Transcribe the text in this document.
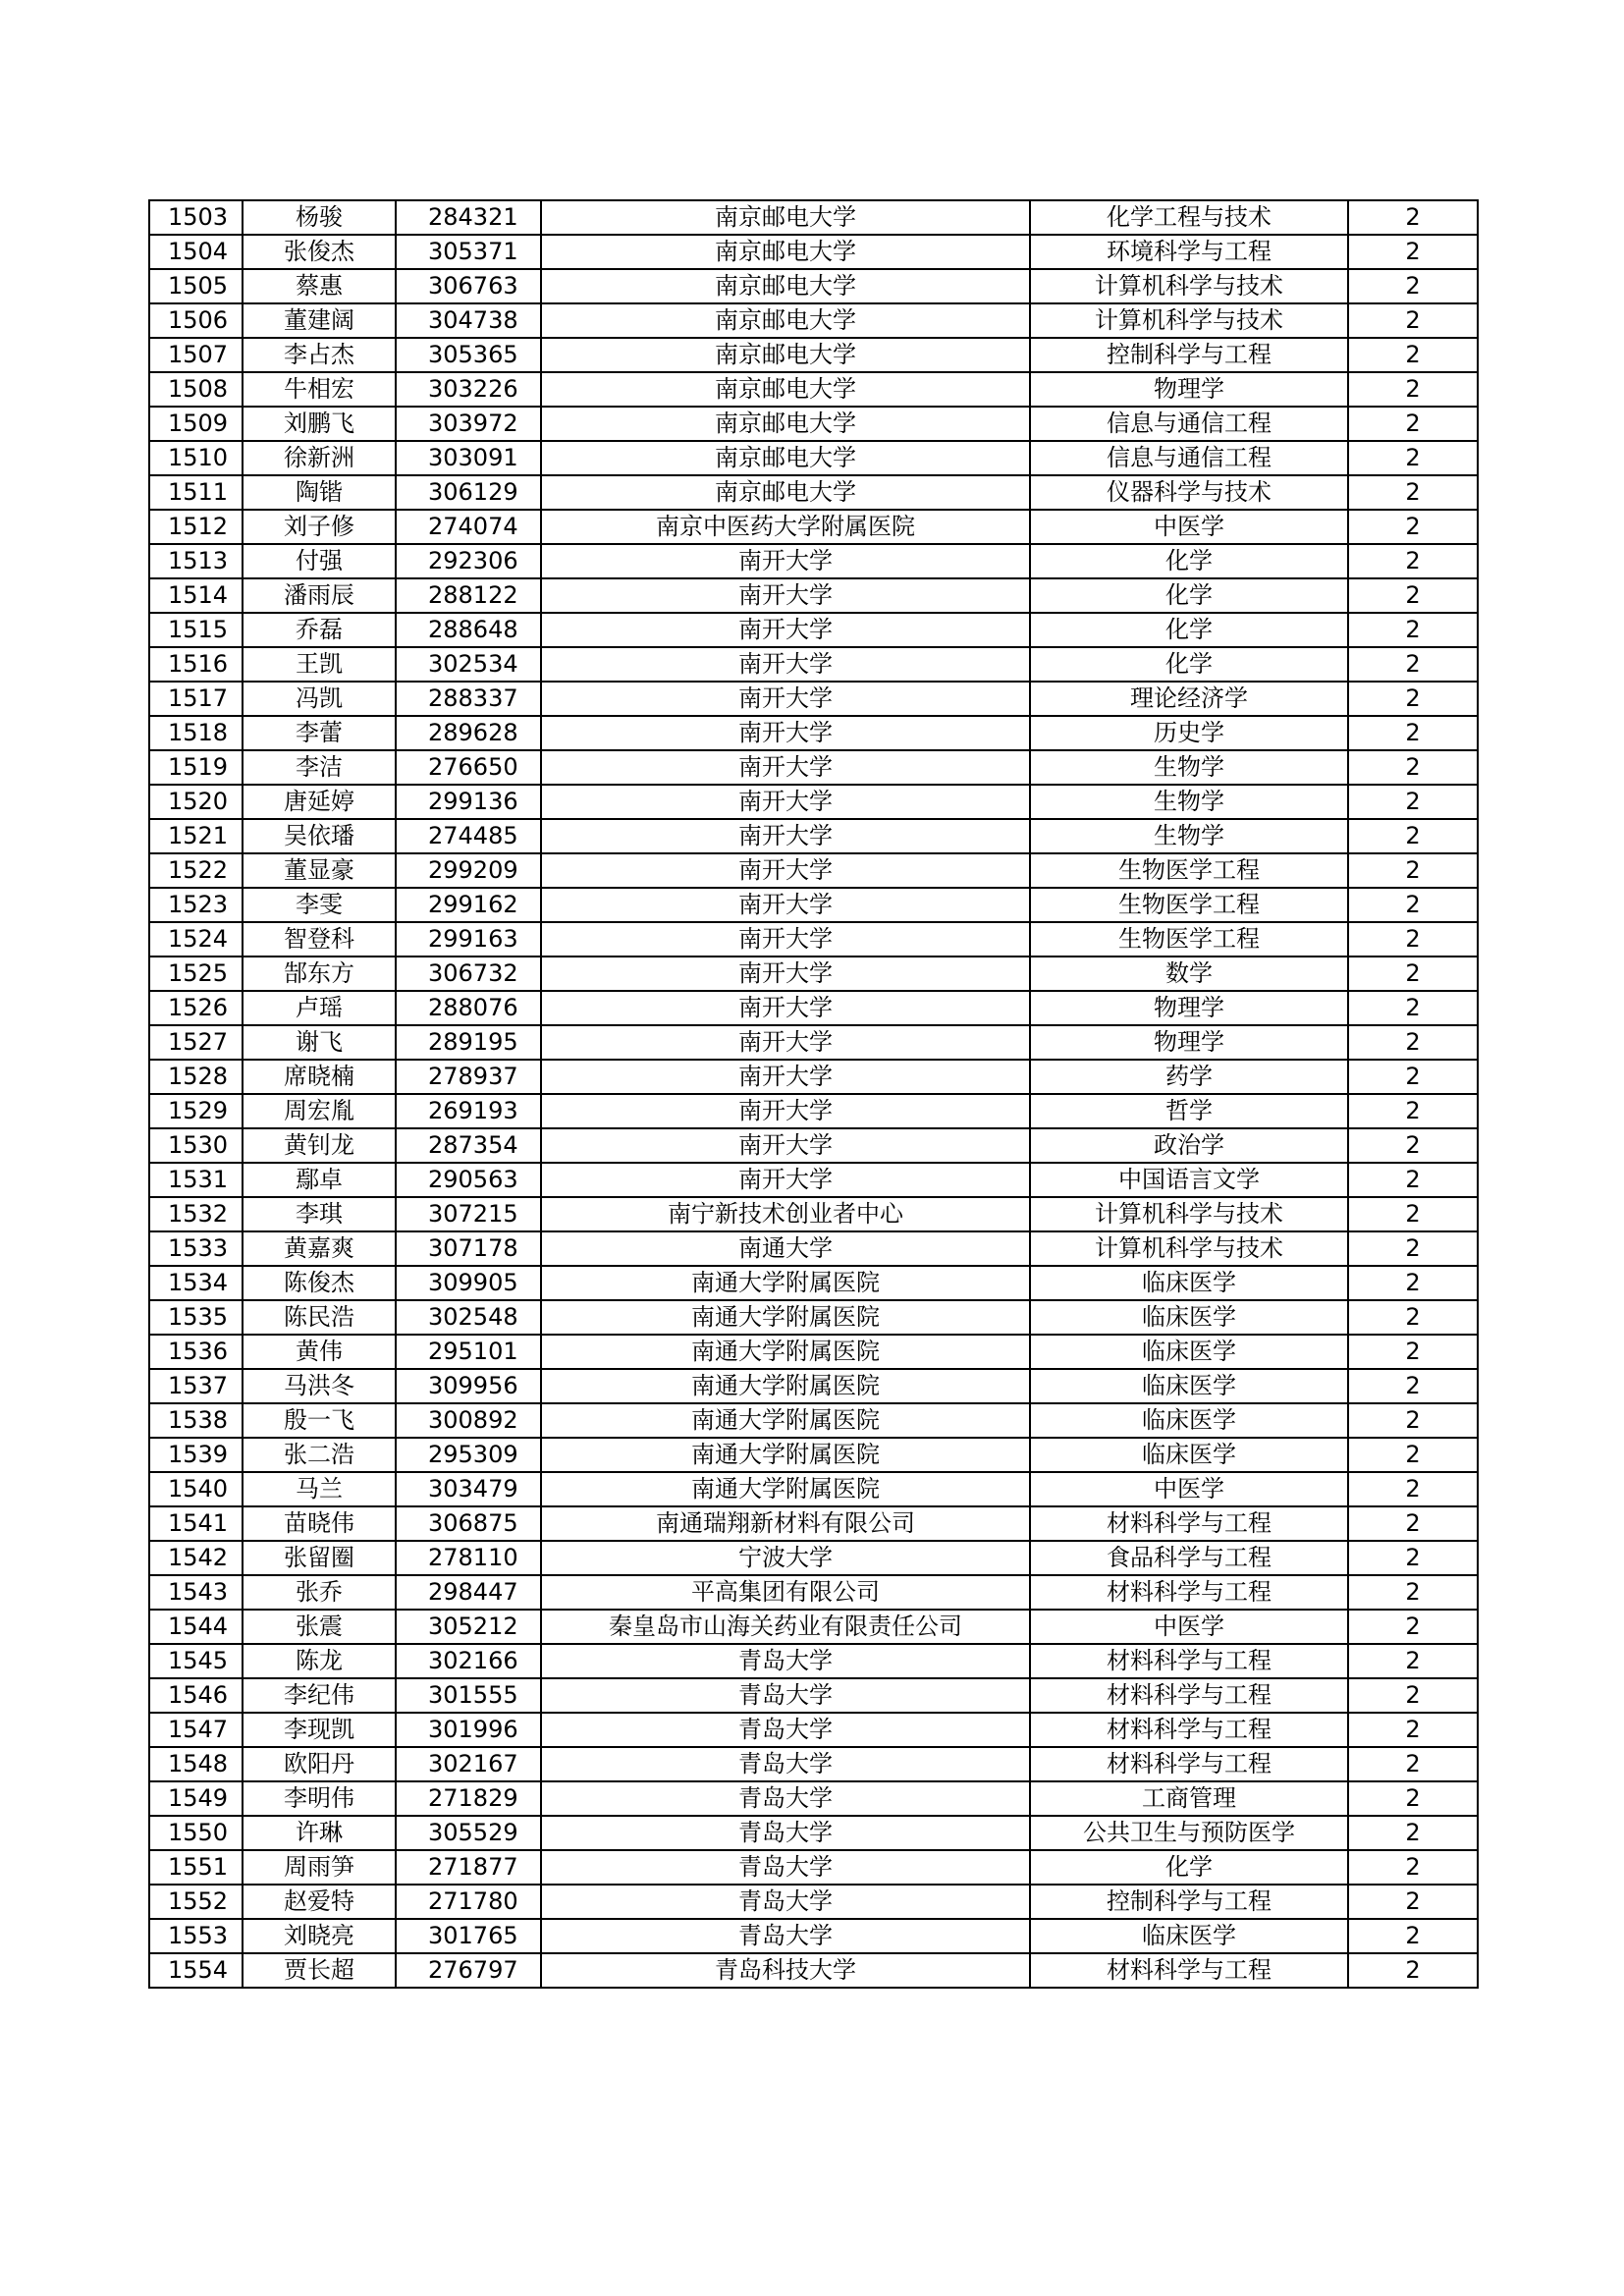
1503	杨骏	284321	南京邮电大学	化学工程与技术	2
1504	张俊杰	305371	南京邮电大学	环境科学与工程	2
1505	蔡惠	306763	南京邮电大学	计算机科学与技术	2
1506	董建阔	304738	南京邮电大学	计算机科学与技术	2
1507	李占杰	305365	南京邮电大学	控制科学与工程	2
1508	牛相宏	303226	南京邮电大学	物理学	2
1509	刘鹏飞	303972	南京邮电大学	信息与通信工程	2
1510	徐新洲	303091	南京邮电大学	信息与通信工程	2
1511	陶锴	306129	南京邮电大学	仪器科学与技术	2
1512	刘子修	274074	南京中医药大学附属医院	中医学	2
1513	付强	292306	南开大学	化学	2
1514	潘雨辰	288122	南开大学	化学	2
1515	乔磊	288648	南开大学	化学	2
1516	王凯	302534	南开大学	化学	2
1517	冯凯	288337	南开大学	理论经济学	2
1518	李蕾	289628	南开大学	历史学	2
1519	李洁	276650	南开大学	生物学	2
1520	唐延婷	299136	南开大学	生物学	2
1521	吴依璠	274485	南开大学	生物学	2
1522	董显豪	299209	南开大学	生物医学工程	2
1523	李雯	299162	南开大学	生物医学工程	2
1524	智登科	299163	南开大学	生物医学工程	2
1525	郜东方	306732	南开大学	数学	2
1526	卢瑶	288076	南开大学	物理学	2
1527	谢飞	289195	南开大学	物理学	2
1528	席晓楠	278937	南开大学	药学	2
1529	周宏胤	269193	南开大学	哲学	2
1530	黄钊龙	287354	南开大学	政治学	2
1531	鄢卓	290563	南开大学	中国语言文学	2
1532	李琪	307215	南宁新技术创业者中心	计算机科学与技术	2
1533	黄嘉爽	307178	南通大学	计算机科学与技术	2
1534	陈俊杰	309905	南通大学附属医院	临床医学	2
1535	陈民浩	302548	南通大学附属医院	临床医学	2
1536	黄伟	295101	南通大学附属医院	临床医学	2
1537	马洪冬	309956	南通大学附属医院	临床医学	2
1538	殷一飞	300892	南通大学附属医院	临床医学	2
1539	张二浩	295309	南通大学附属医院	临床医学	2
1540	马兰	303479	南通大学附属医院	中医学	2
1541	苗晓伟	306875	南通瑞翔新材料有限公司	材料科学与工程	2
1542	张留圈	278110	宁波大学	食品科学与工程	2
1543	张乔	298447	平高集团有限公司	材料科学与工程	2
1544	张震	305212	秦皇岛市山海关药业有限责任公司	中医学	2
1545	陈龙	302166	青岛大学	材料科学与工程	2
1546	李纪伟	301555	青岛大学	材料科学与工程	2
1547	李现凯	301996	青岛大学	材料科学与工程	2
1548	欧阳丹	302167	青岛大学	材料科学与工程	2
1549	李明伟	271829	青岛大学	工商管理	2
1550	许琳	305529	青岛大学	公共卫生与预防医学	2
1551	周雨笋	271877	青岛大学	化学	2
1552	赵爱特	271780	青岛大学	控制科学与工程	2
1553	刘晓亮	301765	青岛大学	临床医学	2
1554	贾长超	276797	青岛科技大学	材料科学与工程	2
